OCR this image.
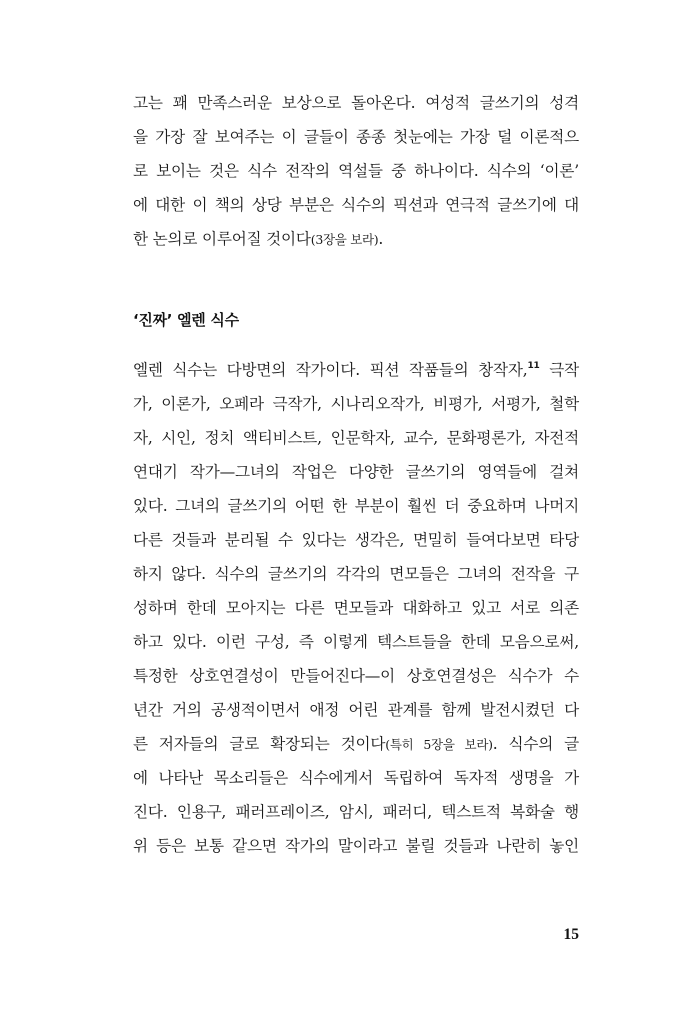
고는 꽤 만족스러운 보상으로 돌아온다. 여성적 글쓰기의 성격
을 가장 잘 보여주는 이 글들이 종종 첫눈에는 가장 덜 이론적으
로 보이는 것은 식수 전작의 역설들 중 하나이다. 식수의 ‘이론’
에 대한 이 책의 상당 부분은 식수의 픽션과 연극적 글쓰기에 대
한 논의로 이루어질 것이다(3장을 보라).
‘진짜’ 엘렌 식수
엘렌 식수는 다방면의 작가이다. 픽션 작품들의 창작자,$^{11}$ 극작
가, 이론가, 오페라 극작가, 시나리오작가, 비평가, 서평가, 철학
자, 시인, 정치 액티비스트, 인문학자, 교수, 문화평론가, 자전적
연대기 작가—그녀의 작업은 다양한 글쓰기의 영역들에 걸쳐
있다. 그녀의 글쓰기의 어떤 한 부분이 훨씬 더 중요하며 나머지
다른 것들과 분리될 수 있다는 생각은, 면밀히 들여다보면 타당
하지 않다. 식수의 글쓰기의 각각의 면모들은 그녀의 전작을 구
성하며 한데 모아지는 다른 면모들과 대화하고 있고 서로 의존
하고 있다. 이런 구성, 즉 이렇게 텍스트들을 한데 모음으로써,
특정한 상호연결성이 만들어진다—이 상호연결성은 식수가 수
년간 거의 공생적이면서 애정 어린 관계를 함께 발전시켰던 다
른 저자들의 글로 확장되는 것이다(특히 5장을 보라). 식수의 글
에 나타난 목소리들은 식수에게서 독립하여 독자적 생명을 가
진다. 인용구, 패러프레이즈, 암시, 패러디, 텍스트적 복화술 행
위 등은 보통 같으면 작가의 말이라고 불릴 것들과 나란히 놓인
15
